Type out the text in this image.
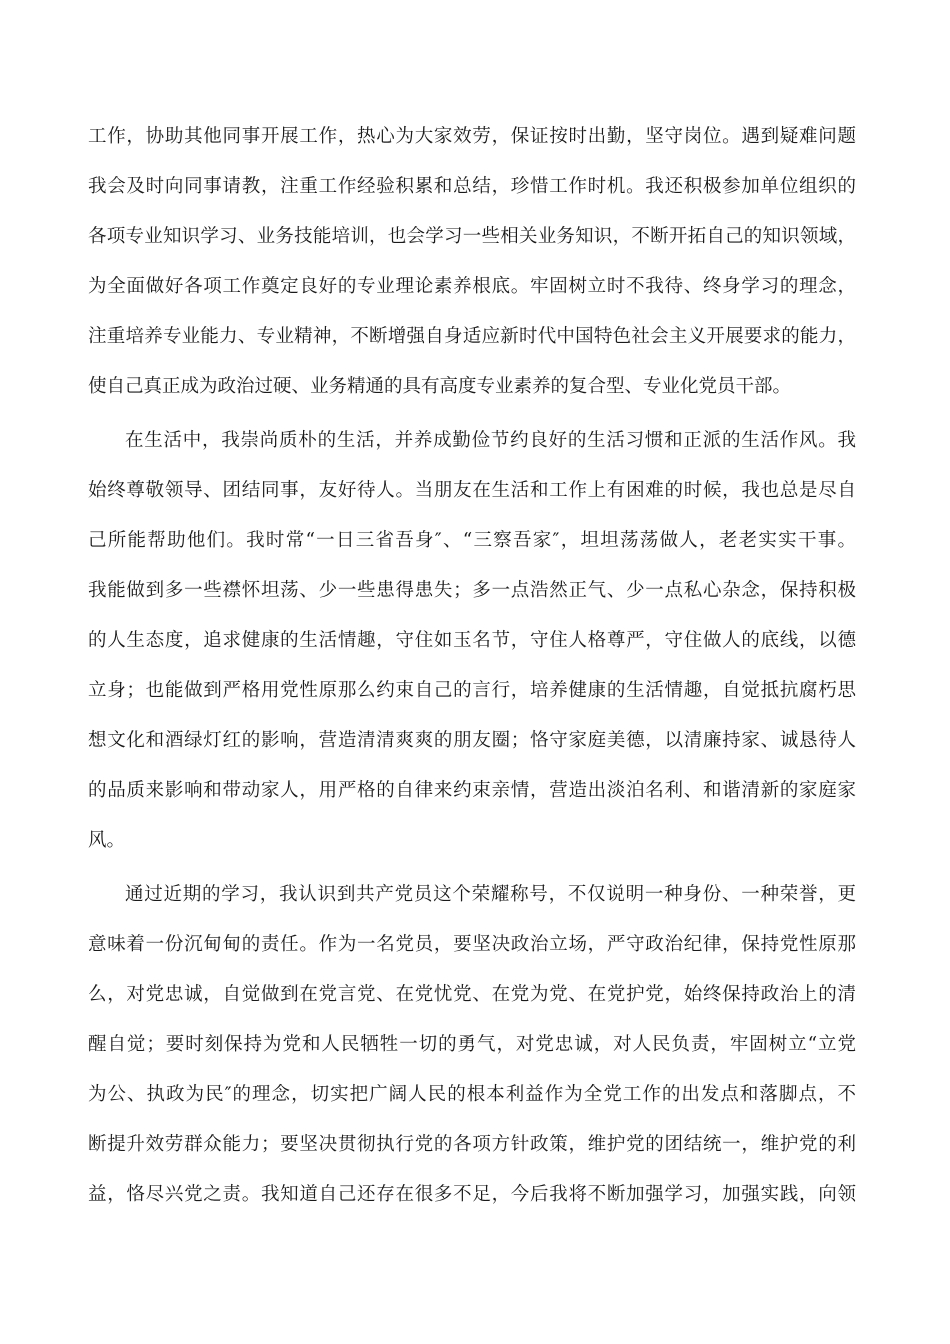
工作，协助其他同事开展工作，热心为大家效劳，保证按时出勤，坚守岗位。遇到疑难问题
我会及时向同事请教，注重工作经验积累和总结，珍惜工作时机。我还积极参加单位组织的
各项专业知识学习、业务技能培训，也会学习一些相关业务知识，不断开拓自己的知识领域，
为全面做好各项工作奠定良好的专业理论素养根底。牢固树立时不我待、终身学习的理念，
注重培养专业能力、专业精神，不断增强自身适应新时代中国特色社会主义开展要求的能力，
使自己真正成为政治过硬、业务精通的具有高度专业素养的复合型、专业化党员干部。
在生活中，我崇尚质朴的生活，并养成勤俭节约良好的生活习惯和正派的生活作风。我
始终尊敬领导、团结同事，友好待人。当朋友在生活和工作上有困难的时候，我也总是尽自
己所能帮助他们。我时常“一日三省吾身″、“三察吾家″，坦坦荡荡做人，老老实实干事。
我能做到多一些襟怀坦荡、少一些患得患失；多一点浩然正气、少一点私心杂念，保持积极
的人生态度，追求健康的生活情趣，守住如玉名节，守住人格尊严，守住做人的底线，以德
立身；也能做到严格用党性原那么约束自己的言行，培养健康的生活情趣，自觉抵抗腐朽思
想文化和酒绿灯红的影响，营造清清爽爽的朋友圈；恪守家庭美德，以清廉持家、诚恳待人
的品质来影响和带动家人，用严格的自律来约束亲情，营造出淡泊名利、和谐清新的家庭家
风。
通过近期的学习，我认识到共产党员这个荣耀称号，不仅说明一种身份、一种荣誉，更
意味着一份沉甸甸的责任。作为一名党员，要坚决政治立场，严守政治纪律，保持党性原那
么，对党忠诚，自觉做到在党言党、在党忧党、在党为党、在党护党，始终保持政治上的清
醒自觉；要时刻保持为党和人民牺牲一切的勇气，对党忠诚，对人民负责，牢固树立“立党
为公、执政为民″的理念，切实把广阔人民的根本利益作为全党工作的出发点和落脚点，不
断提升效劳群众能力；要坚决贯彻执行党的各项方针政策，维护党的团结统一，维护党的利
益，恪尽兴党之责。我知道自己还存在很多不足，今后我将不断加强学习，加强实践，向领
